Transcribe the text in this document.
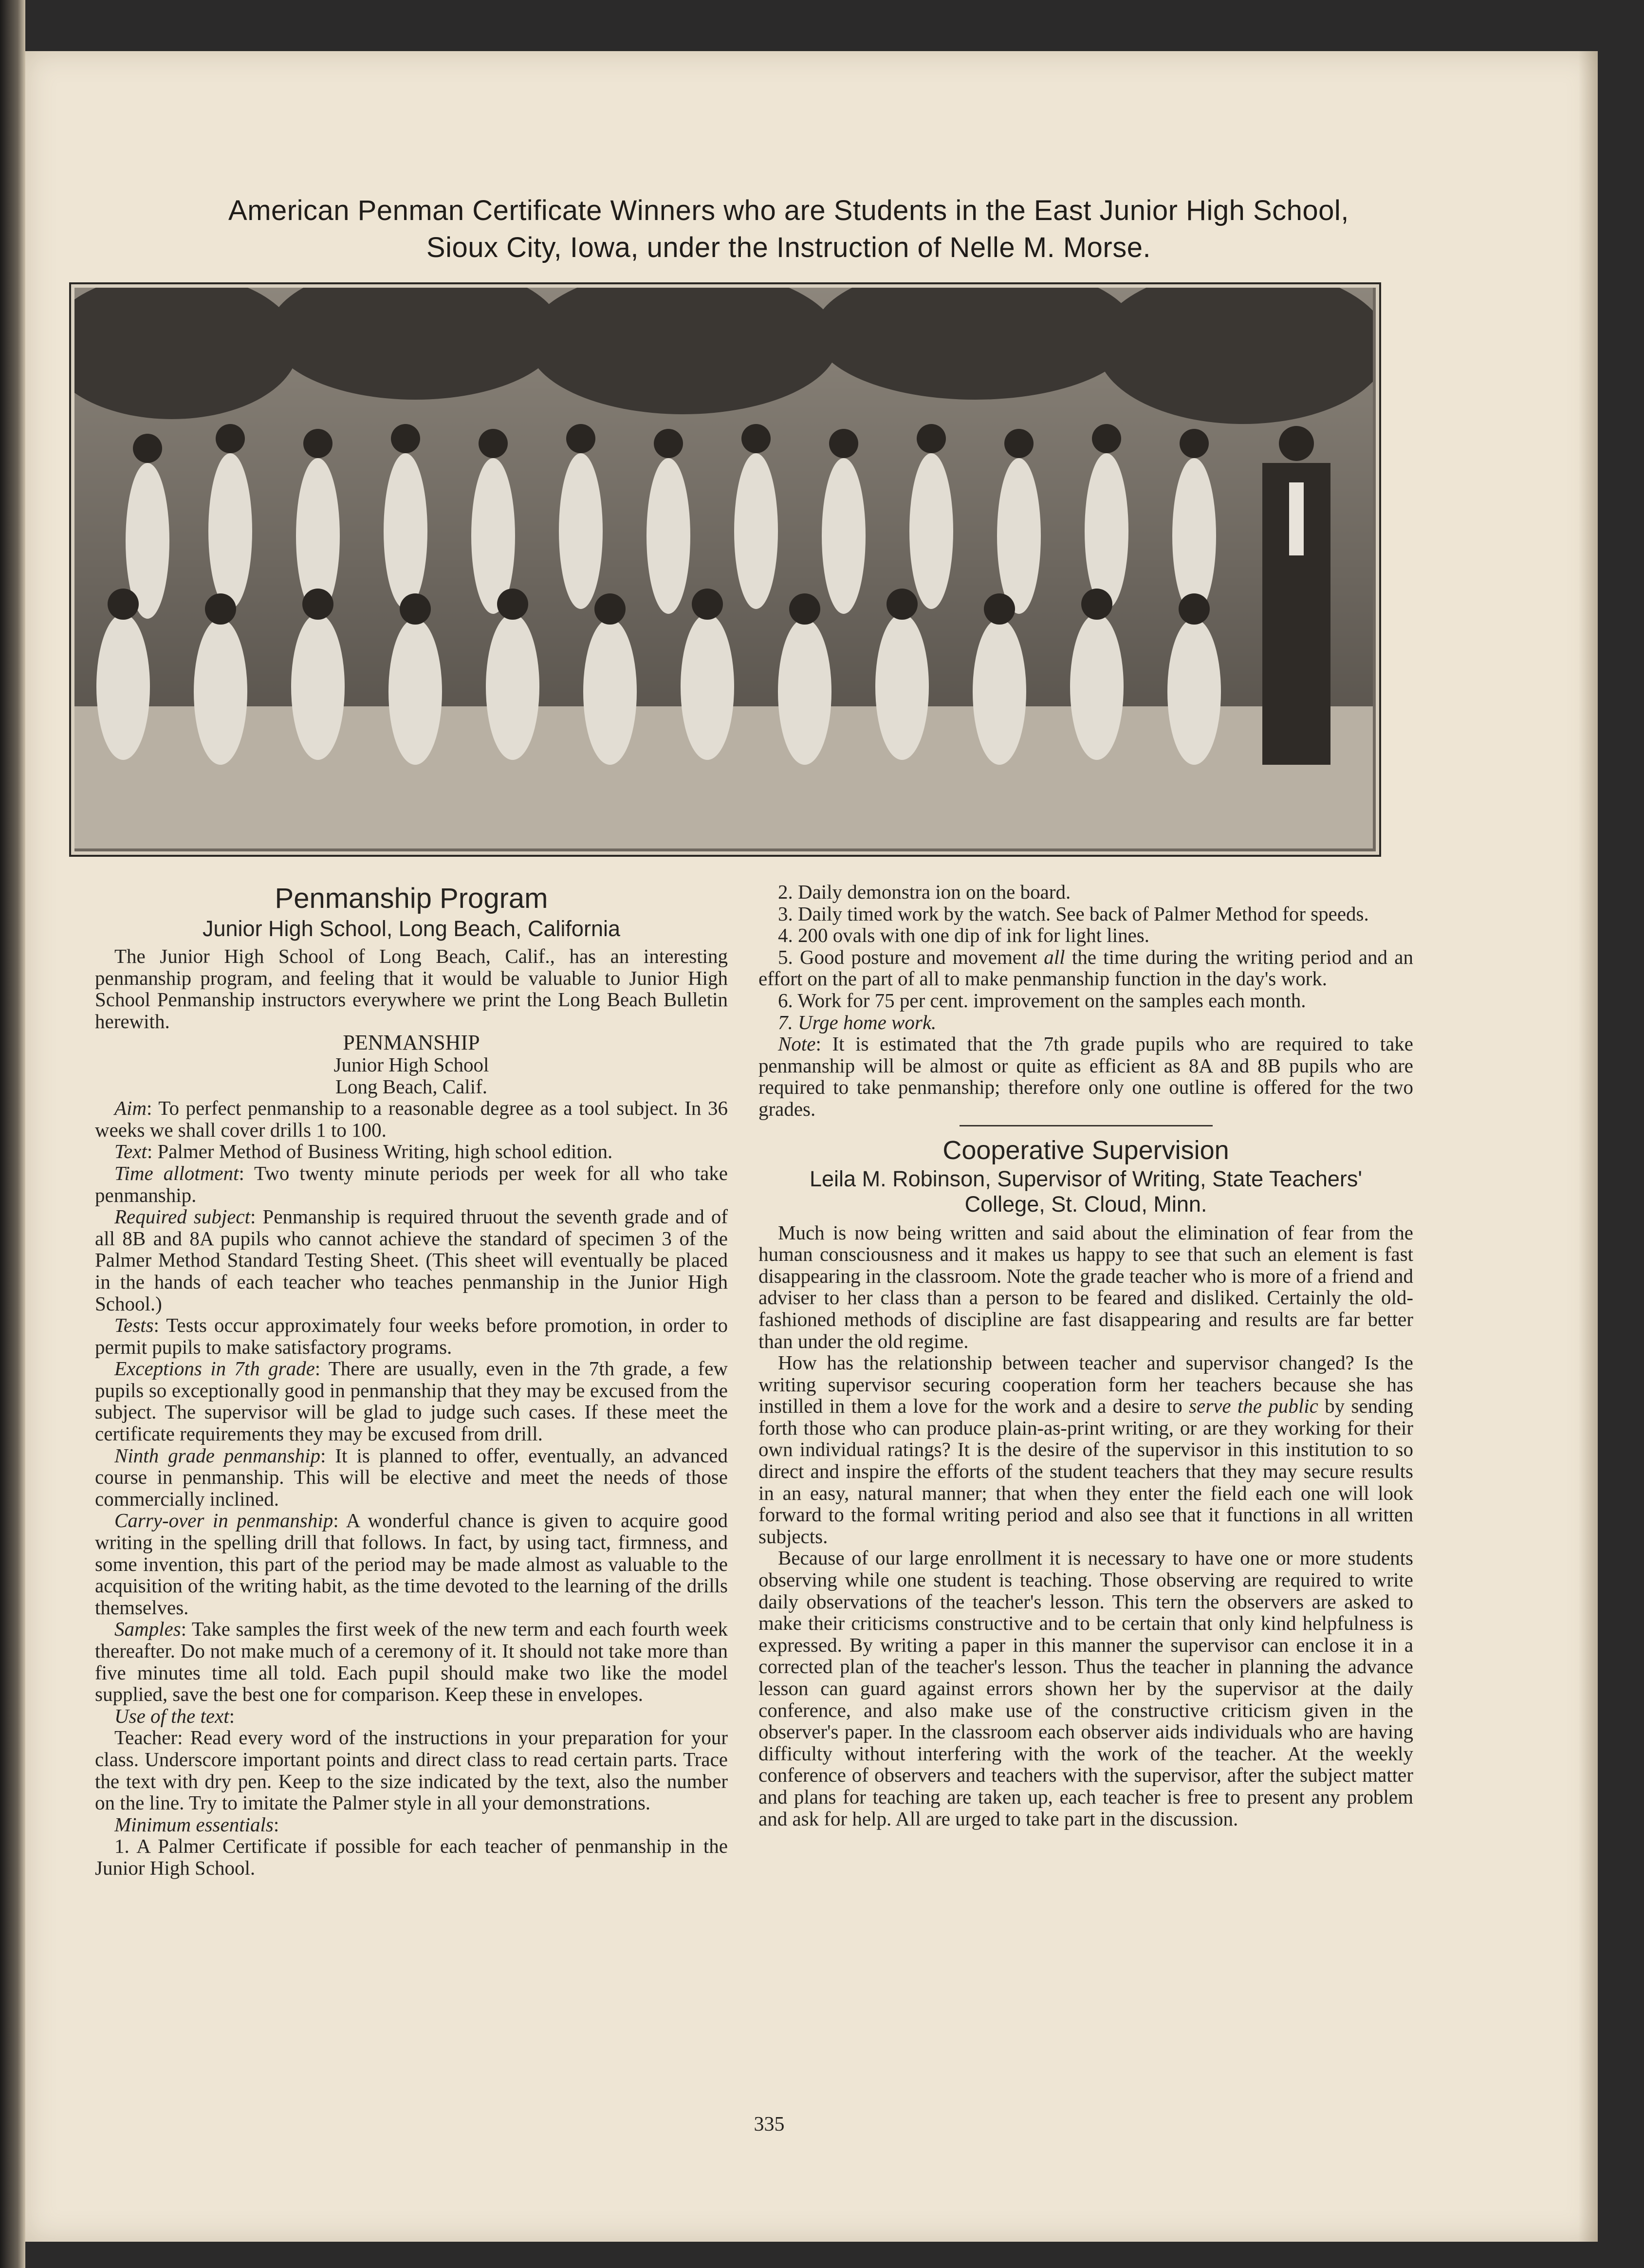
American Penman Certificate Winners who are Students in the East Junior High School,
Sioux City, Iowa, under the Instruction of Nelle M. Morse.
Penmanship Program
Junior High School, Long Beach, California

The Junior High School of Long Beach, Calif., has an interesting penmanship program, and feeling that it would be valuable to Junior High School Penmanship instructors everywhere we print the Long Beach Bulletin herewith.

PENMANSHIP
Junior High School
Long Beach, Calif.

Aim: To perfect penmanship to a reasonable degree as a tool subject. In 36 weeks we shall cover drills 1 to 100.

Text: Palmer Method of Business Writing, high school edition.

Time allotment: Two twenty minute periods per week for all who take penmanship.

Required subject: Penmanship is required thruout the seventh grade and of all 8B and 8A pupils who cannot achieve the standard of specimen 3 of the Palmer Method Standard Testing Sheet. (This sheet will eventually be placed in the hands of each teacher who teaches penmanship in the Junior High School.)

Tests: Tests occur approximately four weeks before promotion, in order to permit pupils to make satisfactory programs.

Exceptions in 7th grade: There are usually, even in the 7th grade, a few pupils so exceptionally good in penmanship that they may be excused from the subject. The supervisor will be glad to judge such cases. If these meet the certificate requirements they may be excused from drill.

Ninth grade penmanship: It is planned to offer, eventually, an advanced course in penmanship. This will be elective and meet the needs of those commercially inclined.

Carry-over in penmanship: A wonderful chance is given to acquire good writing in the spelling drill that follows. In fact, by using tact, firmness, and some invention, this part of the period may be made almost as valuable to the acquisition of the writing habit, as the time devoted to the learning of the drills themselves.

Samples: Take samples the first week of the new term and each fourth week thereafter. Do not make much of a ceremony of it. It should not take more than five minutes time all told. Each pupil should make two like the model supplied, save the best one for comparison. Keep these in envelopes.

Use of the text:

Teacher: Read every word of the instructions in your preparation for your class. Underscore important points and direct class to read certain parts. Trace the text with dry pen. Keep to the size indicated by the text, also the number on the line. Try to imitate the Palmer style in all your demonstrations.

Minimum essentials:

1. A Palmer Certificate if possible for each teacher of penmanship in the Junior High School.

2. Daily demonstra ion on the board.

3. Daily timed work by the watch. See back of Palmer Method for speeds.

4. 200 ovals with one dip of ink for light lines.

5. Good posture and movement all the time during the writing period and an effort on the part of all to make penmanship function in the day's work.

6. Work for 75 per cent. improvement on the samples each month.

7. Urge home work.

Note: It is estimated that the 7th grade pupils who are required to take penmanship will be almost or quite as efficient as 8A and 8B pupils who are required to take penmanship; therefore only one outline is offered for the two grades.

Cooperative Supervision
Leila M. Robinson, Supervisor of Writing, State Teachers'
College, St. Cloud, Minn.

Much is now being written and said about the elimination of fear from the human consciousness and it makes us happy to see that such an element is fast disappearing in the classroom. Note the grade teacher who is more of a friend and adviser to her class than a person to be feared and disliked. Certainly the old-fashioned methods of discipline are fast disappearing and results are far better than under the old regime.

How has the relationship between teacher and supervisor changed? Is the writing supervisor securing cooperation form her teachers because she has instilled in them a love for the work and a desire to serve the public by sending forth those who can produce plain-as-print writing, or are they working for their own individual ratings? It is the desire of the supervisor in this institution to so direct and inspire the efforts of the student teachers that they may secure results in an easy, natural manner; that when they enter the field each one will look forward to the formal writing period and also see that it functions in all written subjects.

Because of our large enrollment it is necessary to have one or more students observing while one student is teaching. Those observing are required to write daily observations of the teacher's lesson. This tern the observers are asked to make their criticisms constructive and to be certain that only kind helpfulness is expressed. By writing a paper in this manner the supervisor can enclose it in a corrected plan of the teacher's lesson. Thus the teacher in planning the advance lesson can guard against errors shown her by the supervisor at the daily conference, and also make use of the constructive criticism given in the observer's paper. In the classroom each observer aids individuals who are having difficulty without interfering with the work of the teacher. At the weekly conference of observers and teachers with the supervisor, after the subject matter and plans for teaching are taken up, each teacher is free to present any problem and ask for help. All are urged to take part in the discussion.

335
